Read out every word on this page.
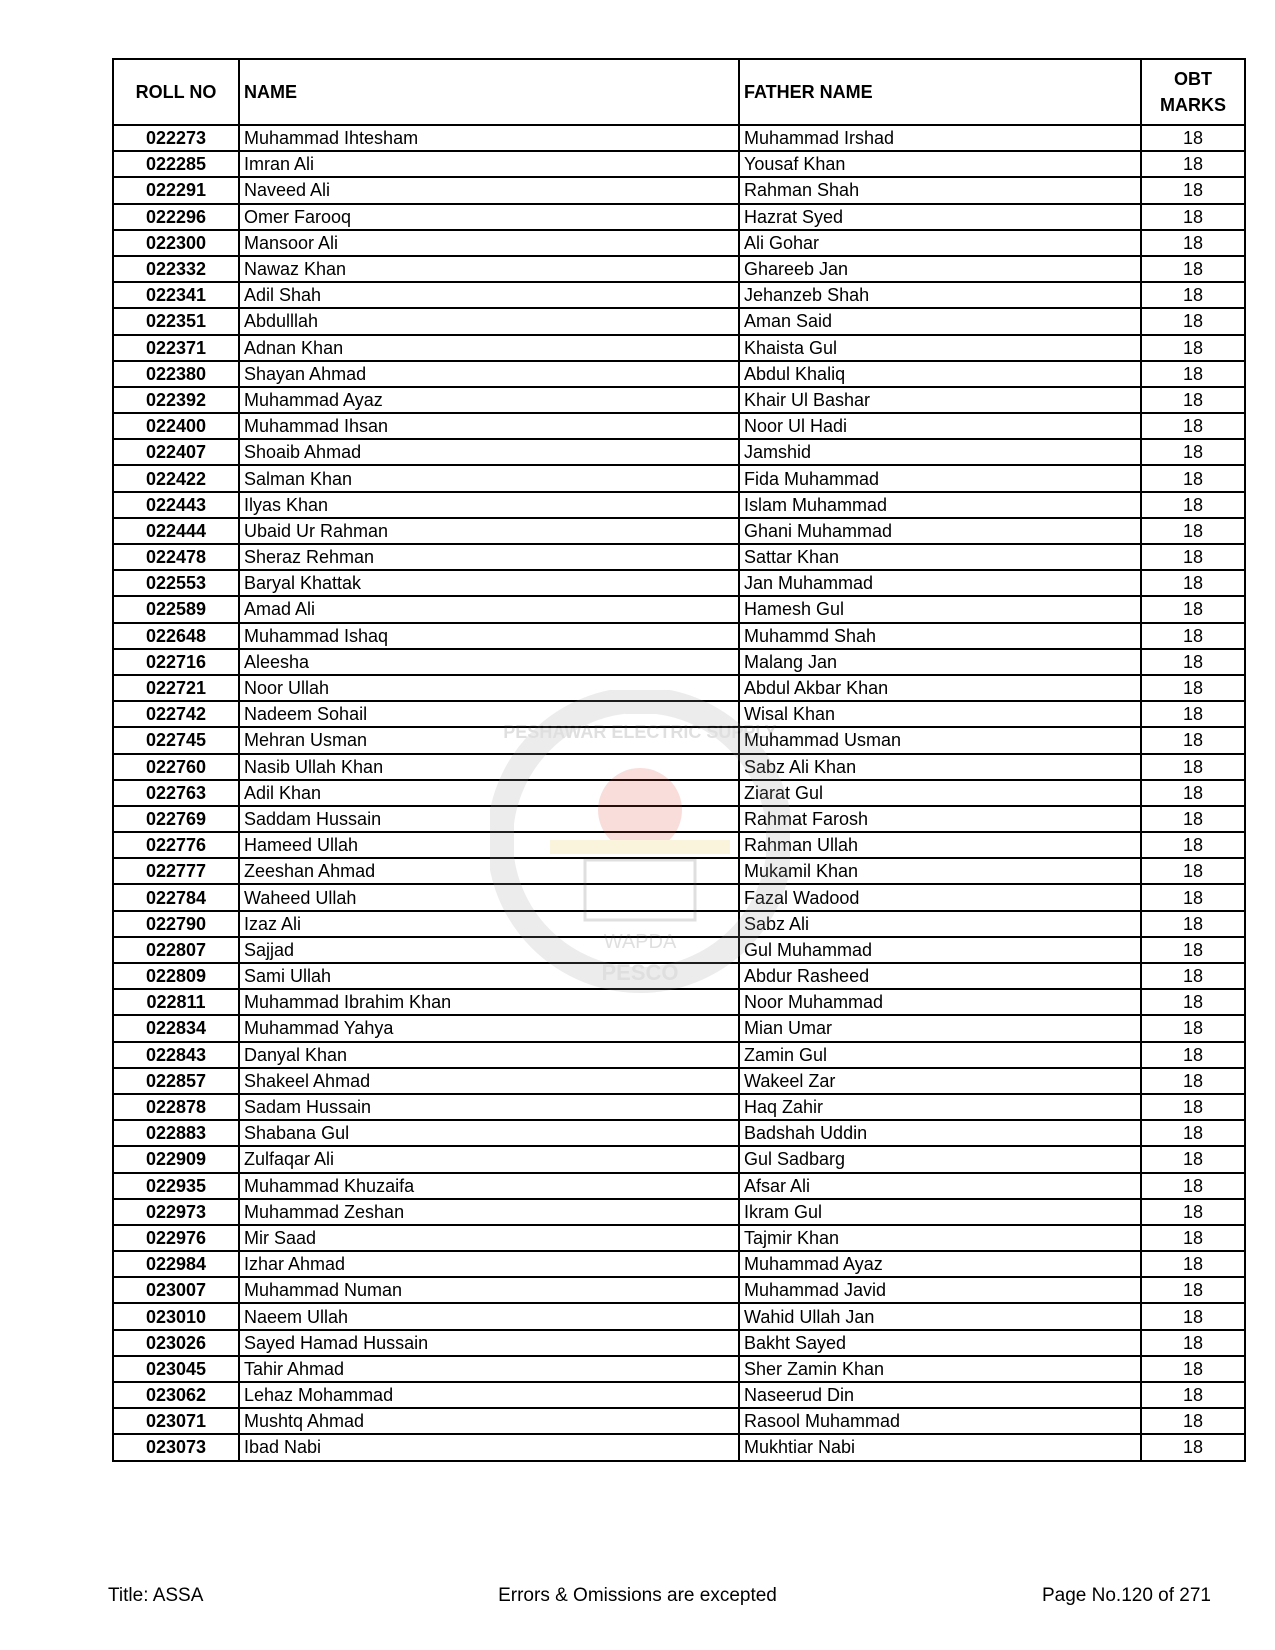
ROLL NO	NAME	FATHER NAME	OBT
MARKS
022273	Muhammad Ihtesham	Muhammad Irshad	18
022285	Imran Ali	Yousaf Khan	18
022291	Naveed Ali	Rahman Shah	18
022296	Omer Farooq	Hazrat Syed	18
022300	Mansoor Ali	Ali Gohar	18
022332	Nawaz Khan	Ghareeb Jan	18
022341	Adil Shah	Jehanzeb Shah	18
022351	Abdulllah	Aman Said	18
022371	Adnan Khan	Khaista Gul	18
022380	Shayan Ahmad	Abdul Khaliq	18
022392	Muhammad Ayaz	Khair Ul Bashar	18
022400	Muhammad Ihsan	Noor Ul Hadi	18
022407	Shoaib Ahmad	Jamshid	18
022422	Salman Khan	Fida Muhammad	18
022443	Ilyas Khan	Islam Muhammad	18
022444	Ubaid Ur Rahman	Ghani Muhammad	18
022478	Sheraz Rehman	Sattar Khan	18
022553	Baryal Khattak	Jan Muhammad	18
022589	Amad Ali	Hamesh Gul	18
022648	Muhammad Ishaq	Muhammd Shah	18
022716	Aleesha	Malang Jan	18
022721	Noor Ullah	Abdul Akbar Khan	18
022742	Nadeem Sohail	Wisal Khan	18
022745	Mehran Usman	Muhammad Usman	18
022760	Nasib Ullah Khan	Sabz Ali Khan	18
022763	Adil Khan	Ziarat Gul	18
022769	Saddam Hussain	Rahmat Farosh	18
022776	Hameed Ullah	Rahman Ullah	18
022777	Zeeshan Ahmad	Mukamil Khan	18
022784	Waheed Ullah	Fazal Wadood	18
022790	Izaz Ali	Sabz Ali	18
022807	Sajjad	Gul Muhammad	18
022809	Sami Ullah	Abdur Rasheed	18
022811	Muhammad Ibrahim Khan	Noor Muhammad	18
022834	Muhammad Yahya	Mian Umar	18
022843	Danyal Khan	Zamin Gul	18
022857	Shakeel Ahmad	Wakeel Zar	18
022878	Sadam Hussain	Haq Zahir	18
022883	Shabana Gul	Badshah Uddin	18
022909	Zulfaqar Ali	Gul Sadbarg	18
022935	Muhammad Khuzaifa	Afsar Ali	18
022973	Muhammad Zeshan	Ikram Gul	18
022976	Mir Saad	Tajmir Khan	18
022984	Izhar Ahmad	Muhammad Ayaz	18
023007	Muhammad Numan	Muhammad Javid	18
023010	Naeem Ullah	Wahid Ullah Jan	18
023026	Sayed Hamad Hussain	Bakht Sayed	18
023045	Tahir Ahmad	Sher Zamin Khan	18
023062	Lehaz Mohammad	Naseerud Din	18
023071	Mushtq Ahmad	Rasool Muhammad	18
023073	Ibad Nabi	Mukhtiar Nabi	18
WAPDA
PESCO
PESHAWAR ELECTRIC SUPPLY
Title: ASSA	Errors & Omissions are excepted	Page No.120 of 271
